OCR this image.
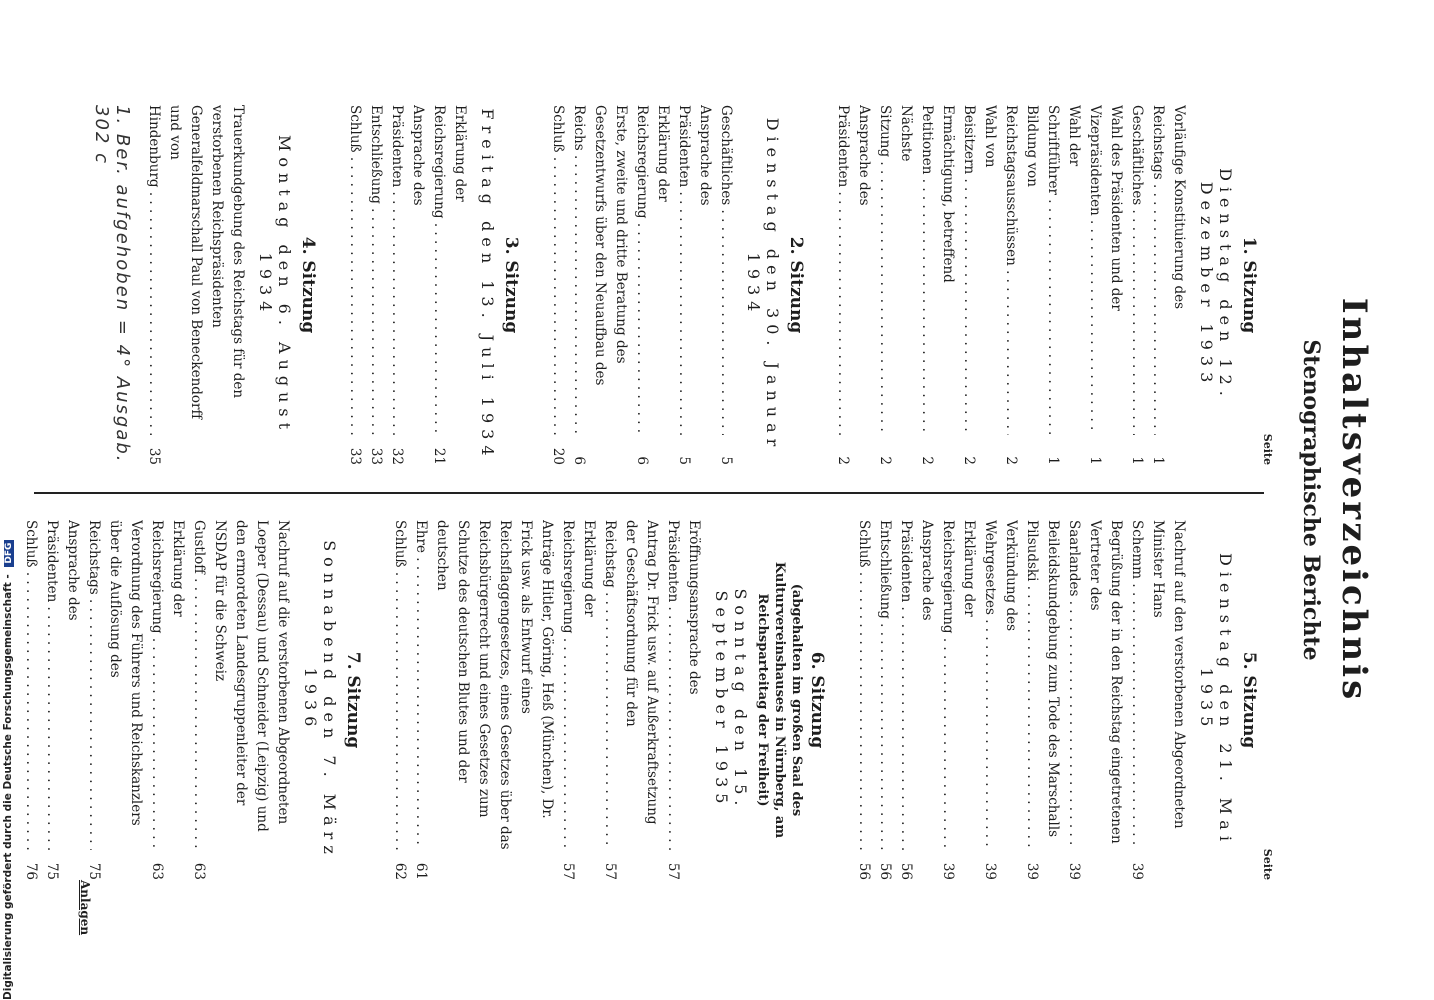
Inhaltsverzeichnis
Stenographische Berichte
Seite
1. Sitzung
Dienstag den 12. Dezember 1933
Vorläufige Konstituierung des Reichstags . . .
1
Geschäftliches . . .
1
Wahl des Präsidenten und der Vizepräsidenten . . .
1
Wahl der Schriftführer . . .
1
Bildung von Reichstagsausschüssen . . .
2
Wahl von Beisitzern . . .
2
Ermächtigung, betreffend Petitionen . . .
2
Nächste Sitzung . . .
2
Ansprache des Präsidenten . . .
2
2. Sitzung
Dienstag den 30. Januar 1934
Geschäftliches . . .
5
Ansprache des Präsidenten . . .
5
Erklärung der Reichsregierung . . .
6
Erste, zweite und dritte Beratung des Gesetzentwurfs über den Neuaufbau des Reichs . . .
6
Schluß . . .
20
3. Sitzung
Freitag den 13. Juli 1934
Erklärung der Reichsregierung . . .
21
Ansprache des Präsidenten . . .
32
Entschließung . . .
33
Schluß . . .
33
4. Sitzung
Montag den 6. August 1934
Trauerkundgebung des Reichstags für den verstorbenen Reichspräsidenten Generalfeldmarschall Paul von Beneckendorff und von Hindenburg . . .
35
1. Ber. aufgehoben = 4° Ausgab. 302 c
Seite
5. Sitzung
Dienstag den 21. Mai 1935
Nachruf auf den verstorbenen Abgeordneten Minister Hans Schemm . . .
39
Begrüßung der in den Reichstag eingetretenen Vertreter des Saarlandes . . .
39
Beileidskundgebung zum Tode des Marschalls Pilsudski . . .
39
Verkündung des Wehrgesetzes . . .
39
Erklärung der Reichsregierung . . .
39
Ansprache des Präsidenten . . .
56
Entschließung . . .
56
Schluß . . .
56
6. Sitzung
(abgehalten im großen Saal des Kulturvereinshauses in Nürnberg, am Reichsparteitag der Freiheit)
Sonntag den 15. September 1935
Eröffnungsansprache des Präsidenten . . .
57
Antrag Dr. Frick usw. auf Außerkraftsetzung der Geschäftsordnung für den Reichstag . . .
57
Erklärung der Reichsregierung . . .
57
Anträge Hitler, Göring, Heß (München), Dr. Frick usw. als Entwurf eines Reichsflaggengesetzes, eines Gesetzes über das Reichsbürgerrecht und eines Gesetzes zum Schutze des deutschen Blutes und der deutschen Ehre . . .
61
Schluß . . .
62
7. Sitzung
Sonnabend den 7. März 1936
Nachruf auf die verstorbenen Abgeordneten Loeper (Dessau) und Schneider (Leipzig) und den ermordeten Landesgruppenleiter der NSDAP für die Schweiz Gustloff . . .
63
Erklärung der Reichsregierung . . .
63
Verordnung des Führers und Reichskanzlers über die Auflösung des Reichstags . . .
75
Ansprache des Präsidenten . . .
75
Schluß . . .
76
Anlagen
Digitalisierung gefördert durch die Deutsche Forschungsgemeinschaft - DFG
